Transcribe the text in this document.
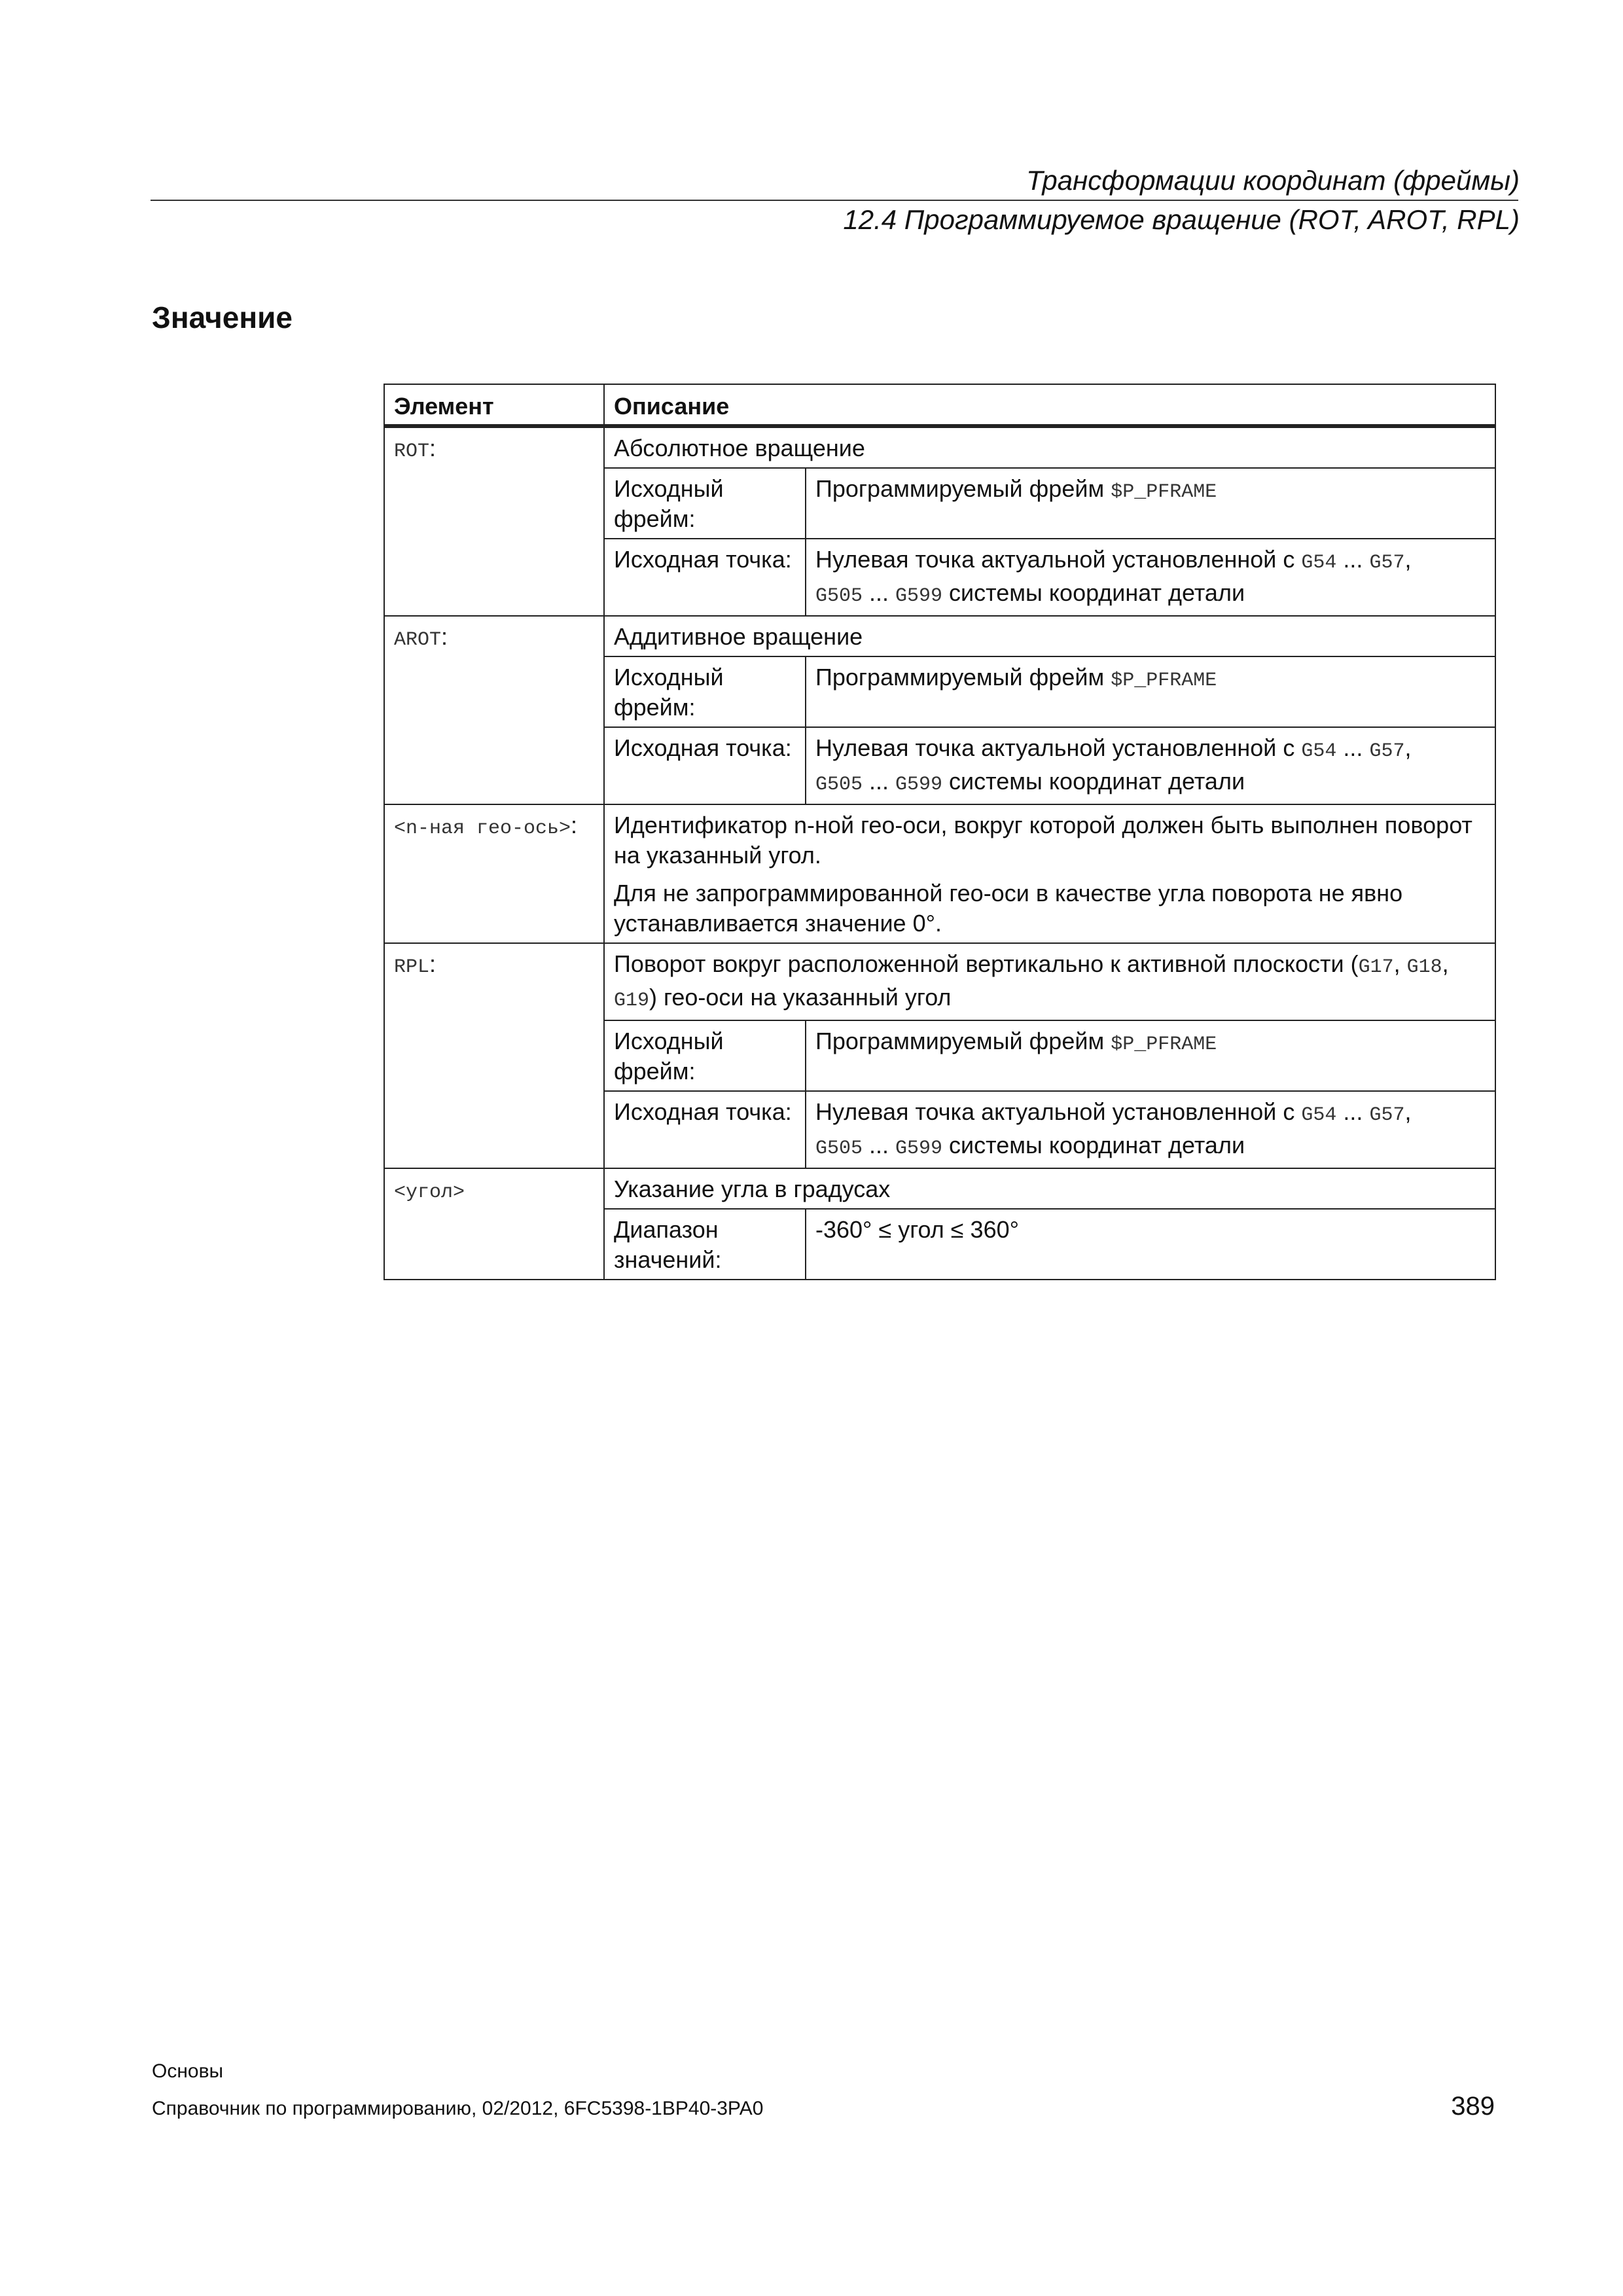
Трансформации координат (фреймы)
12.4 Программируемое вращение (ROT, AROT, RPL)
Значение
Элемент	Описание	
ROT:	Абсолютное вращение	
	Исходный фрейм:	Программируемый фрейм $P_PFRAME
	Исходная точка:	Нулевая точка актуальной установленной с G54 ... G57,
G505 ... G599 системы координат детали
AROT:	Аддитивное вращение	
	Исходный фрейм:	Программируемый фрейм $P_PFRAME
	Исходная точка:	Нулевая точка актуальной установленной с G54 ... G57,
G505 ... G599 системы координат детали
<n-ная гео-ось>:	Идентификатор n-ной гео-оси, вокруг которой должен быть выполнен поворот на указанный угол.
Для не запрограммированной гео-оси в качестве угла поворота не явно устанавливается значение 0°.	

RPL:	Поворот вокруг расположенной вертикально к активной плоскости (G17, G18,
G19) гео-оси на указанный угол	
	Исходный фрейм:	Программируемый фрейм $P_PFRAME
	Исходная точка:	Нулевая точка актуальной установленной с G54 ... G57,
G505 ... G599 системы координат детали
<угол>	Указание угла в градусах	
	Диапазон значений:	-360° ≤ угол ≤ 360°
Основы
Справочник по программированию, 02/2012, 6FC5398-1BP40-3PA0	389
